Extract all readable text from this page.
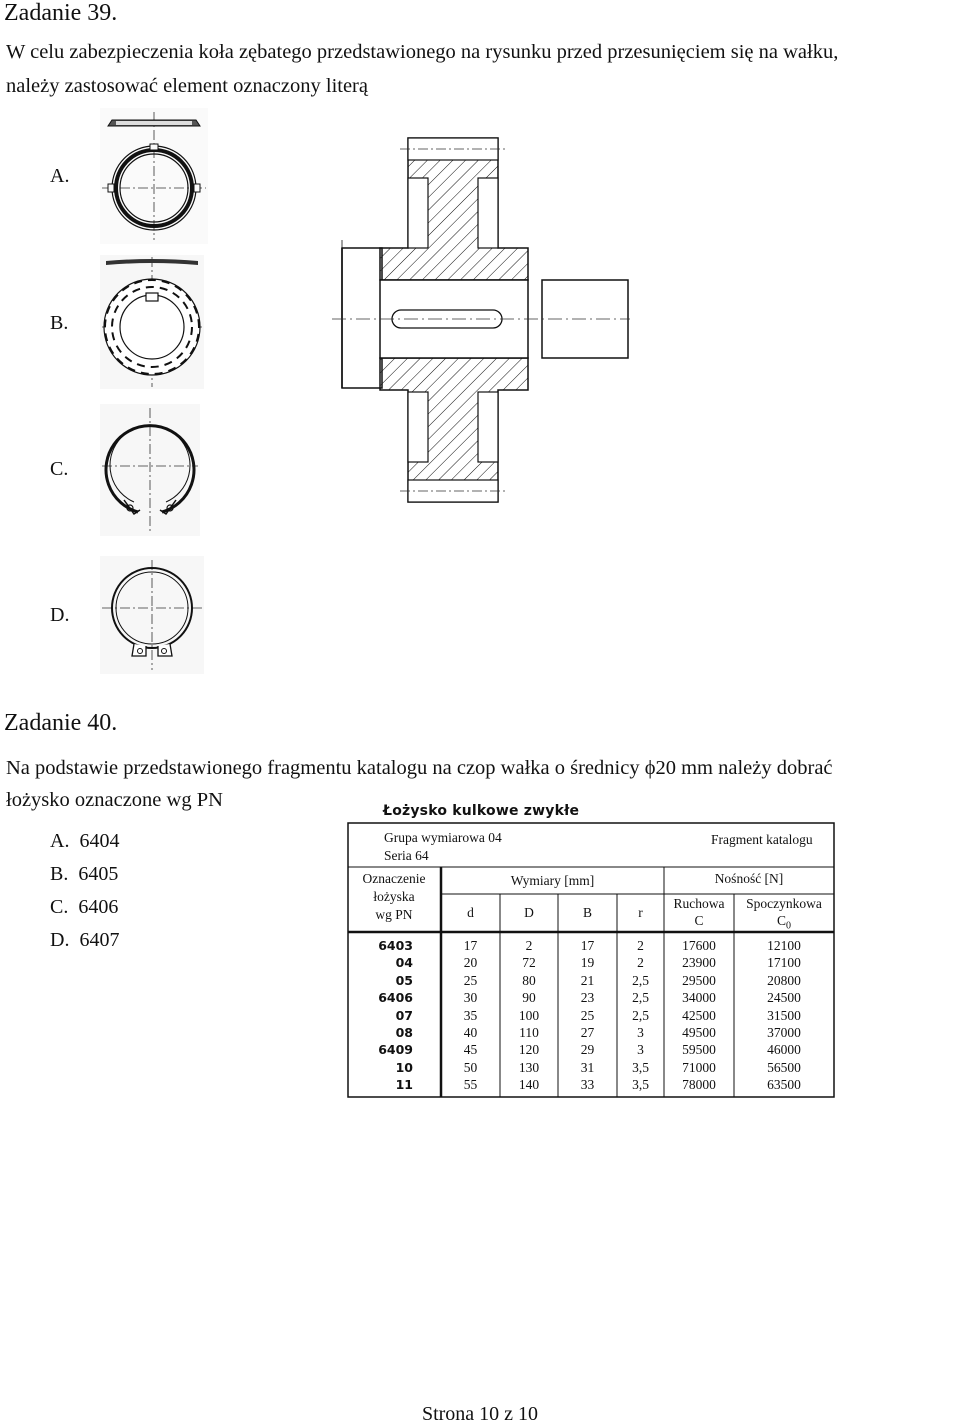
Zadanie 39.
W celu zabezpieczenia koła zębatego przedstawionego na rysunku przed przesunięciem się na wałku,
należy zastosować element oznaczony literą
A.
B.
C.
D.
Zadanie 40.
Na podstawie przedstawionego fragmentu katalogu na czop wałka o średnicy ϕ20 mm należy dobrać
łożysko oznaczone wg PN
A. 6404
B. 6405
C. 6406
D. 6407
Łożysko kulkowe zwykłe
Grupa wymiarowa 04
Seria 64
Fragment katalogu
Oznaczenie
łożyska
wg PN
Wymiary [mm]	Nośność [N]
d	D	B	r
Ruchowa
C
Spoczynkowa
$C_0$
6403	17	2	17	2	17600	12100
04	20	72	19	2	23900	17100
05	25	80	21	2,5	29500	20800
6406	30	90	23	2,5	34000	24500
07	35	100	25	2,5	42500	31500
08	40	110	27	3	49500	37000
6409	45	120	29	3	59500	46000
10	50	130	31	3,5	71000	56500
11	55	140	33	3,5	78000	63500
Strona 10 z 10
